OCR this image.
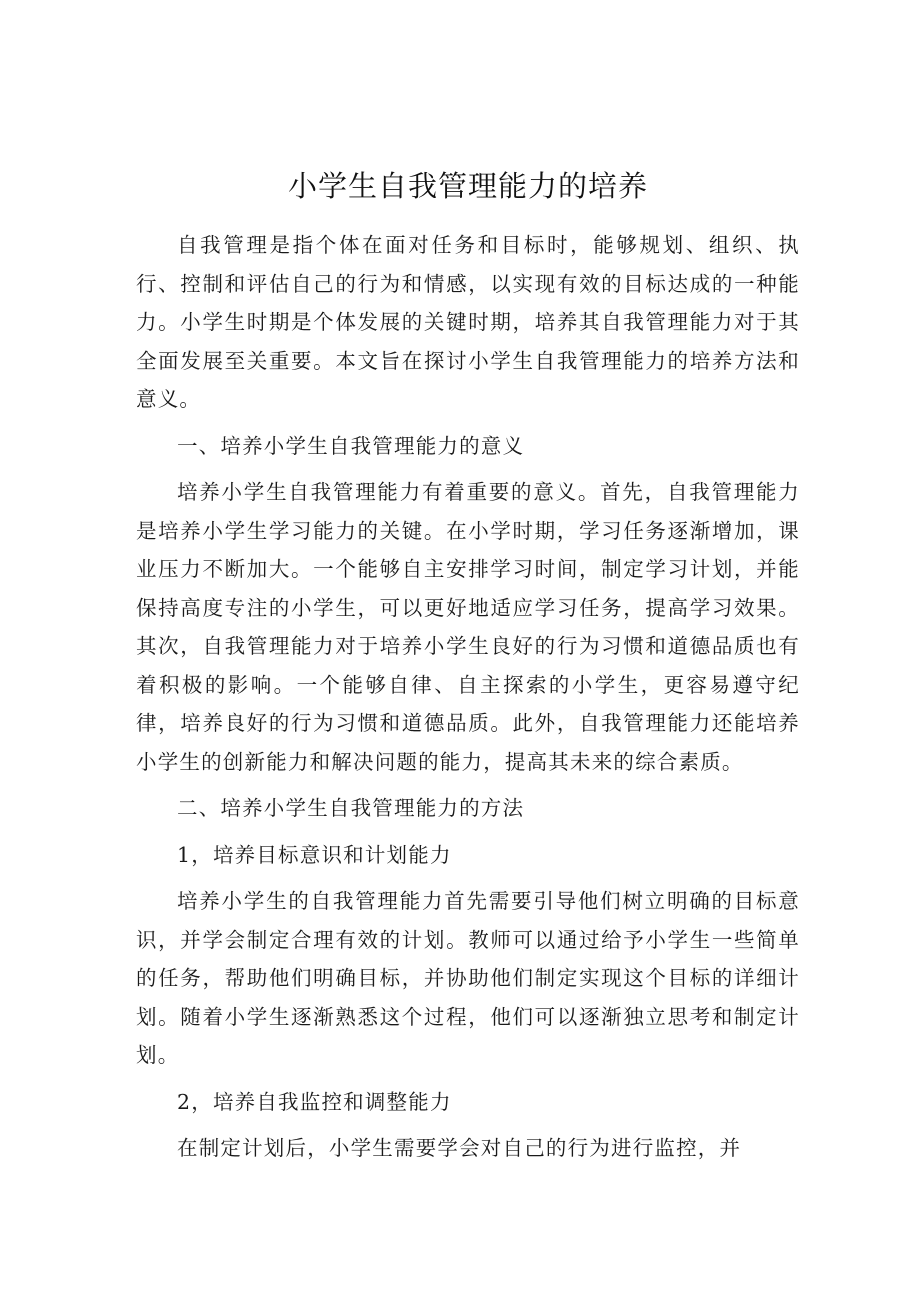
小学生自我管理能力的培养

自我管理是指个体在面对任务和目标时，能够规划、组织、执行、控制和评估自己的行为和情感，以实现有效的目标达成的一种能力。小学生时期是个体发展的关键时期，培养其自我管理能力对于其全面发展至关重要。本文旨在探讨小学生自我管理能力的培养方法和意义。

一、培养小学生自我管理能力的意义

培养小学生自我管理能力有着重要的意义。首先，自我管理能力是培养小学生学习能力的关键。在小学时期，学习任务逐渐增加，课业压力不断加大。一个能够自主安排学习时间，制定学习计划，并能保持高度专注的小学生，可以更好地适应学习任务，提高学习效果。其次，自我管理能力对于培养小学生良好的行为习惯和道德品质也有着积极的影响。一个能够自律、自主探索的小学生，更容易遵守纪律，培养良好的行为习惯和道德品质。此外，自我管理能力还能培养小学生的创新能力和解决问题的能力，提高其未来的综合素质。

二、培养小学生自我管理能力的方法

1，培养目标意识和计划能力

培养小学生的自我管理能力首先需要引导他们树立明确的目标意识，并学会制定合理有效的计划。教师可以通过给予小学生一些简单的任务，帮助他们明确目标，并协助他们制定实现这个目标的详细计划。随着小学生逐渐熟悉这个过程，他们可以逐渐独立思考和制定计划。

2，培养自我监控和调整能力

在制定计划后，小学生需要学会对自己的行为进行监控，并
